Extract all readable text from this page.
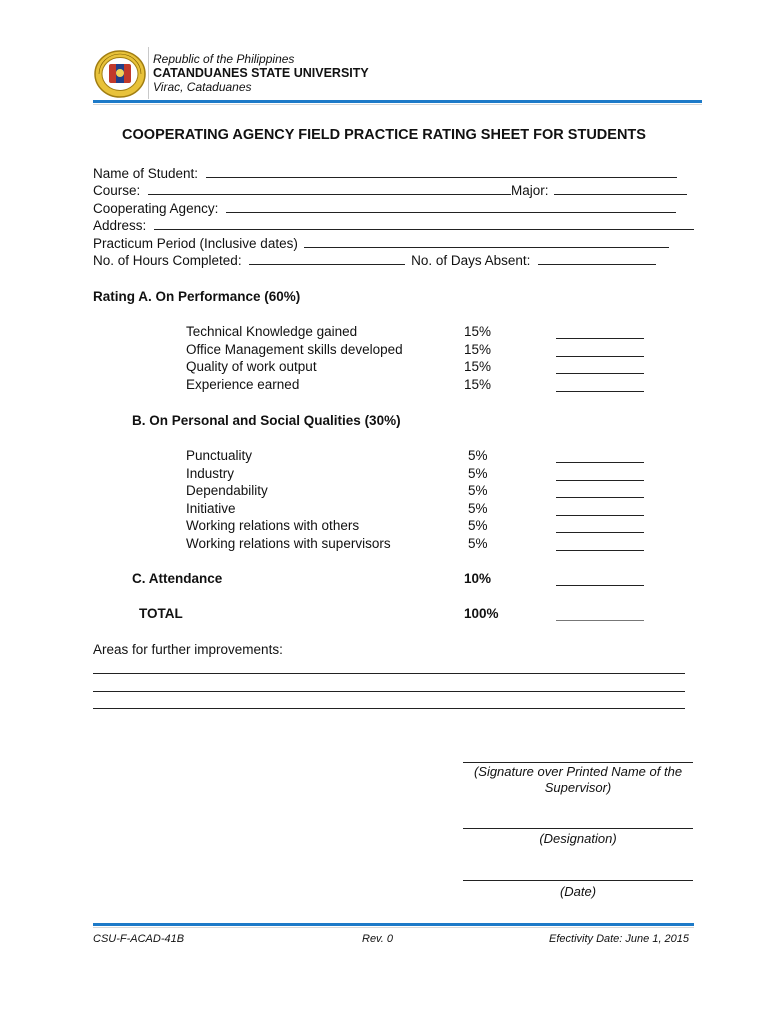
Republic of the Philippines
CATANDUANES STATE UNIVERSITY
Virac, Cataduanes
COOPERATING AGENCY FIELD PRACTICE RATING SHEET FOR STUDENTS
Name of Student:
Course:	Major:
Cooperating Agency:
Address:
Practicum Period (Inclusive dates)
No. of Hours Completed:	No. of Days Absent:
Rating A. On Performance (60%)
Technical Knowledge gained	15%
Office Management skills developed	15%
Quality of work output	15%
Experience earned	15%
B. On Personal and Social Qualities (30%)
Punctuality	5%
Industry	5%
Dependability	5%
Initiative	5%
Working relations with others	5%
Working relations with supervisors	5%
C. Attendance	10%
TOTAL	100%
Areas for further improvements:
(Signature over Printed Name of the Supervisor)
(Designation)
(Date)
CSU-F-ACAD-41B	Rev. 0	Efectivity Date: June 1, 2015
